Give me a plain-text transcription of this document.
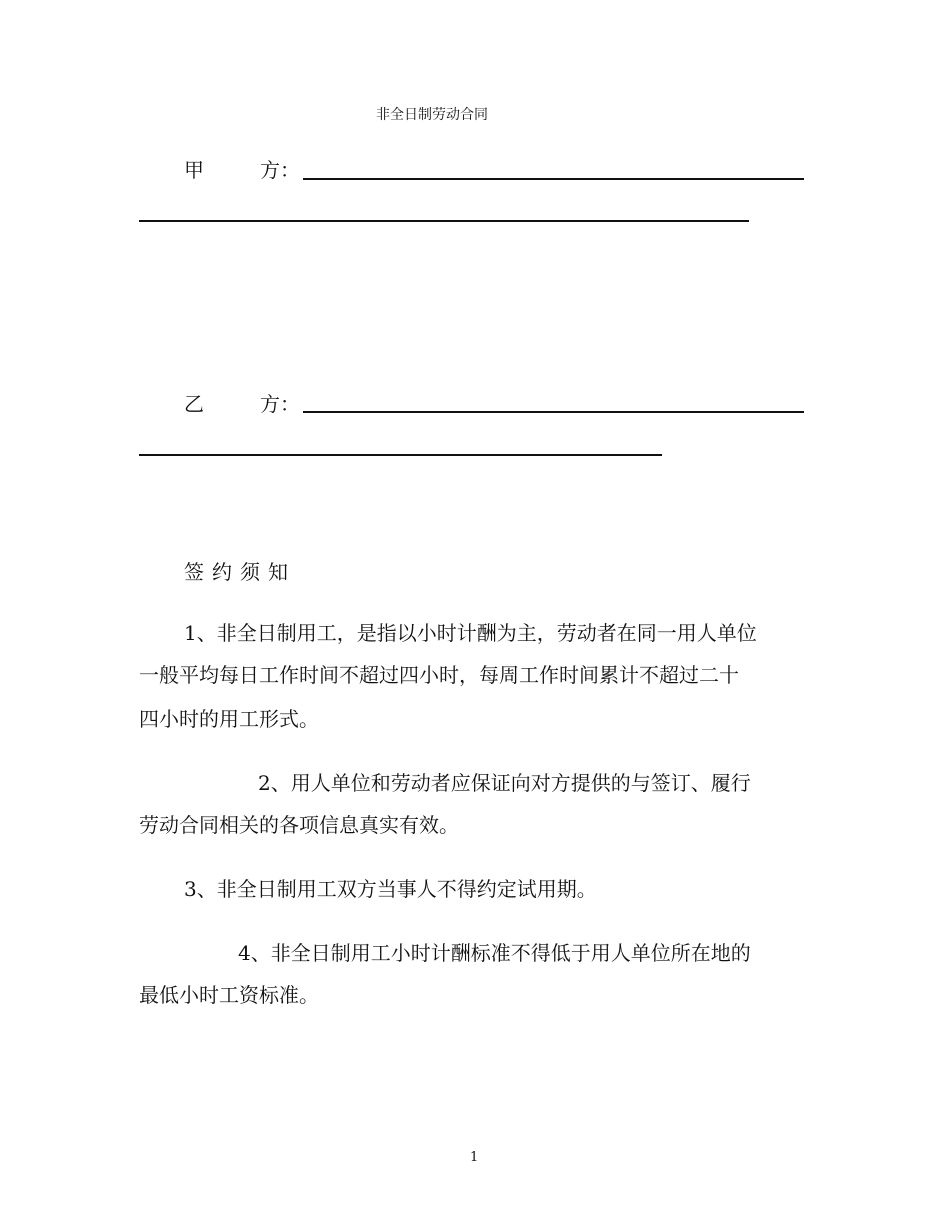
非全日制劳动合同
甲	方：
乙	方：
签约须知
1、非全日制用工，是指以小时计酬为主，劳动者在同一用人单位
一般平均每日工作时间不超过四小时，每周工作时间累计不超过二十
四小时的用工形式。
2、用人单位和劳动者应保证向对方提供的与签订、履行
劳动合同相关的各项信息真实有效。
3、非全日制用工双方当事人不得约定试用期。
4、非全日制用工小时计酬标准不得低于用人单位所在地的
最低小时工资标准。
1
